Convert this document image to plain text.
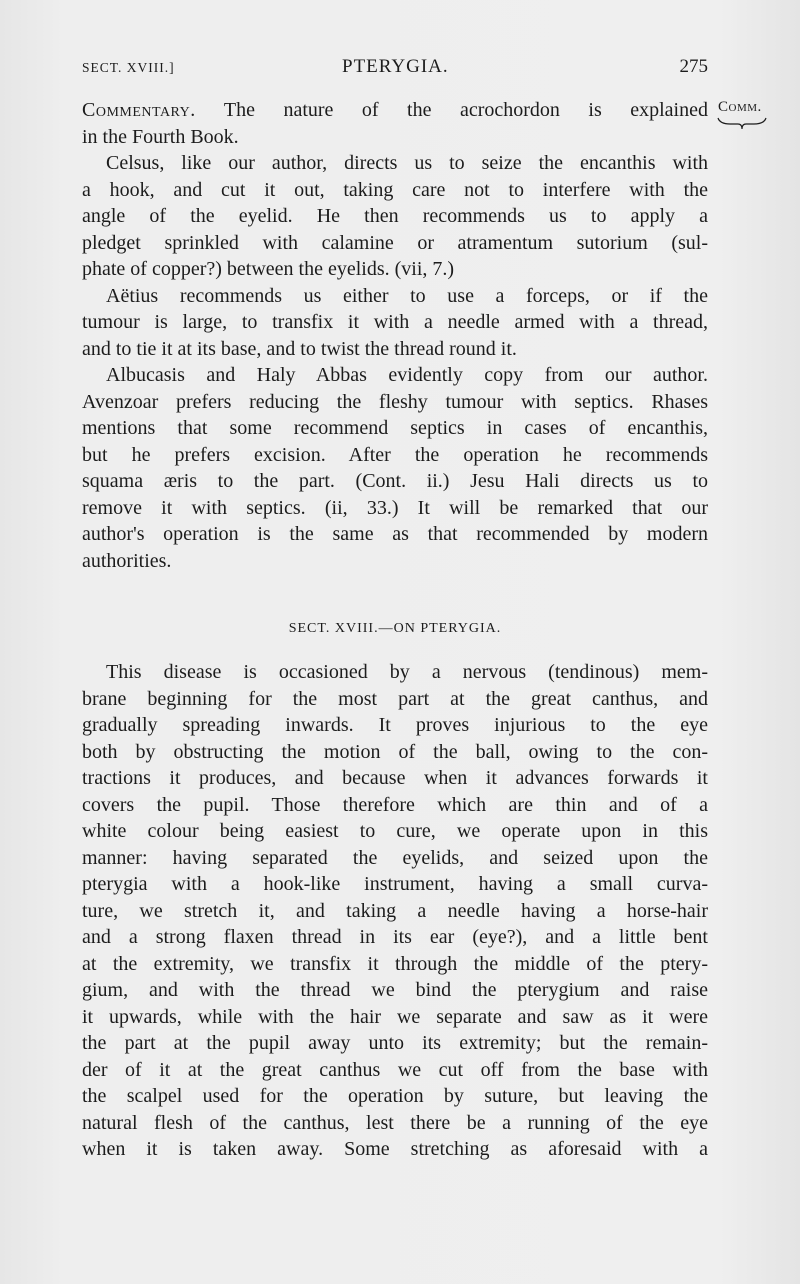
SECT. XVIII.]	PTERYGIA.	275
Comm.
Commentary. The nature of the acrochordon is explained
in the Fourth Book.
Celsus, like our author, directs us to seize the encanthis with
a hook, and cut it out, taking care not to interfere with the
angle of the eyelid. He then recommends us to apply a
pledget sprinkled with calamine or atramentum sutorium (sul-
phate of copper?) between the eyelids. (vii, 7.)
Aëtius recommends us either to use a forceps, or if the
tumour is large, to transfix it with a needle armed with a thread,
and to tie it at its base, and to twist the thread round it.
Albucasis and Haly Abbas evidently copy from our author.
Avenzoar prefers reducing the fleshy tumour with septics. Rhases
mentions that some recommend septics in cases of encanthis,
but he prefers excision. After the operation he recommends
squama æris to the part. (Cont. ii.) Jesu Hali directs us to
remove it with septics. (ii, 33.) It will be remarked that our
author's operation is the same as that recommended by modern
authorities.
SECT. XVIII.—ON PTERYGIA.
This disease is occasioned by a nervous (tendinous) mem-
brane beginning for the most part at the great canthus, and
gradually spreading inwards. It proves injurious to the eye
both by obstructing the motion of the ball, owing to the con-
tractions it produces, and because when it advances forwards it
covers the pupil. Those therefore which are thin and of a
white colour being easiest to cure, we operate upon in this
manner: having separated the eyelids, and seized upon the
pterygia with a hook-like instrument, having a small curva-
ture, we stretch it, and taking a needle having a horse-hair
and a strong flaxen thread in its ear (eye?), and a little bent
at the extremity, we transfix it through the middle of the ptery-
gium, and with the thread we bind the pterygium and raise
it upwards, while with the hair we separate and saw as it were
the part at the pupil away unto its extremity; but the remain-
der of it at the great canthus we cut off from the base with
the scalpel used for the operation by suture, but leaving the
natural flesh of the canthus, lest there be a running of the eye
when it is taken away. Some stretching as aforesaid with a
